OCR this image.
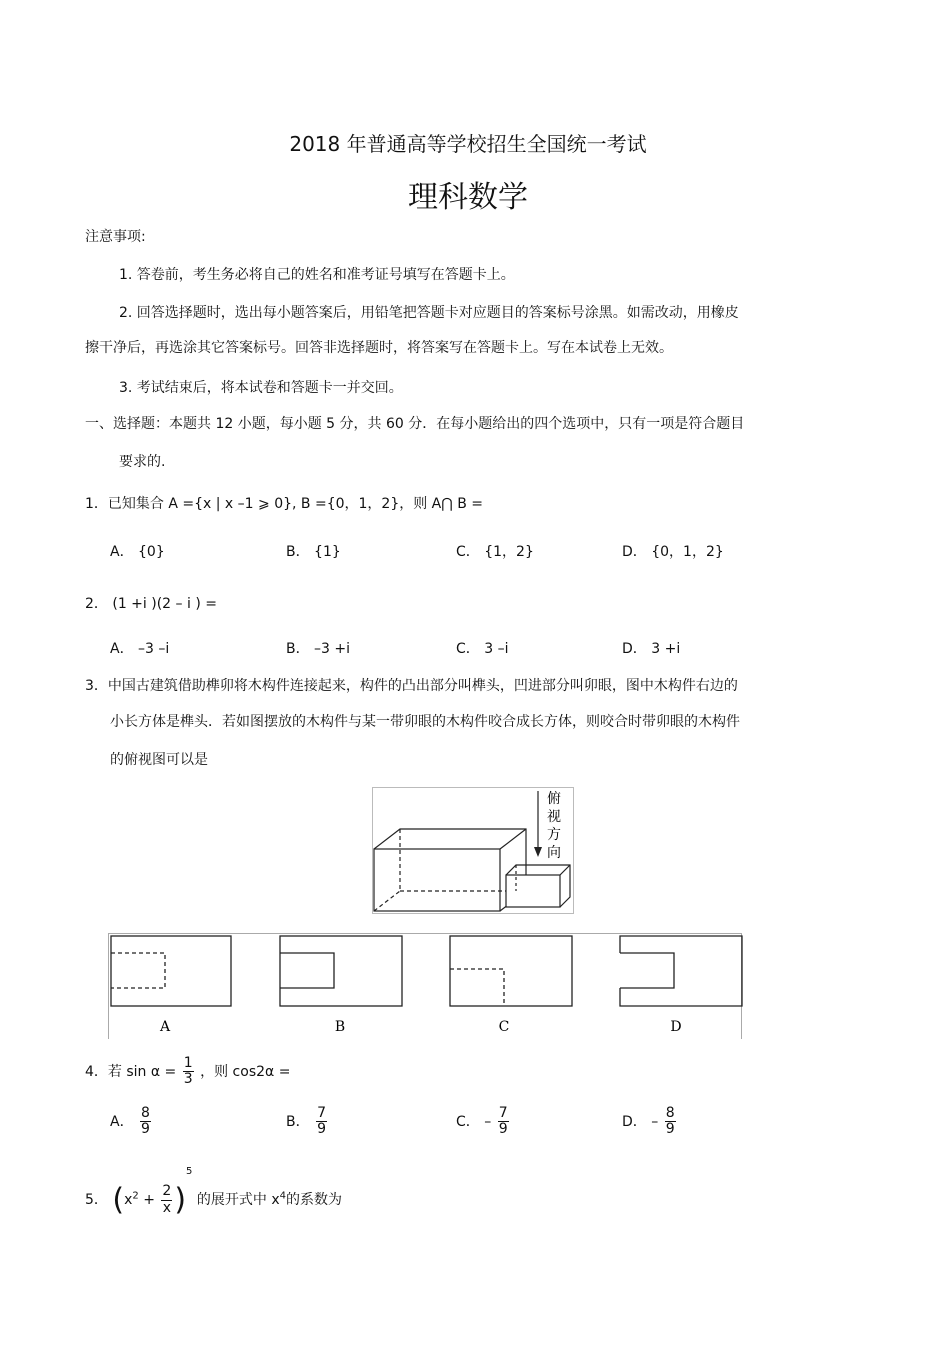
2018 年普通高等学校招生全国统一考试
理科数学
注意事项:
1. 答卷前，考生务必将自己的姓名和准考证号填写在答题卡上。
2. 回答选择题时，选出每小题答案后，用铅笔把答题卡对应题目的答案标号涂黑。如需改动，用橡皮
擦干净后，再选涂其它答案标号。回答非选择题时，将答案写在答题卡上。写在本试卷上无效。
3. 考试结束后，将本试卷和答题卡一并交回。
一、选择题：本题共 12 小题，每小题 5 分，共 60 分．在每小题给出的四个选项中，只有一项是符合题目
要求的.
1．已知集合 A ={x | x –1 ⩾ 0}, B ={0，1，2}，则 A⋂ B =
A． {0}	B． {1}	C． {1，2}	D． {0，1，2}
2． (1 +i )(2 – i ) =
A． –3 –i	B． –3 +i	C． 3 –i	D． 3 +i
3．中国古建筑借助榫卯将木构件连接起来，构件的凸出部分叫榫头，凹进部分叫卯眼，图中木构件右边的
小长方体是榫头．若如图摆放的木构件与某一带卯眼的木构件咬合成长方体，则咬合时带卯眼的木构件
的俯视图可以是
俯
视
方
向
A	B	C	D
4．若 $\sin \alpha = \frac{1}{3}$ ，则 cos2α =
A． $\frac{8}{9}$	B． $\frac{7}{9}$	C． – $\frac{7}{9}$	D． – $\frac{8}{9}$
5． $(x^2 + \frac{2}{x} )^5$ 的展开式中 $x^4$的系数为
